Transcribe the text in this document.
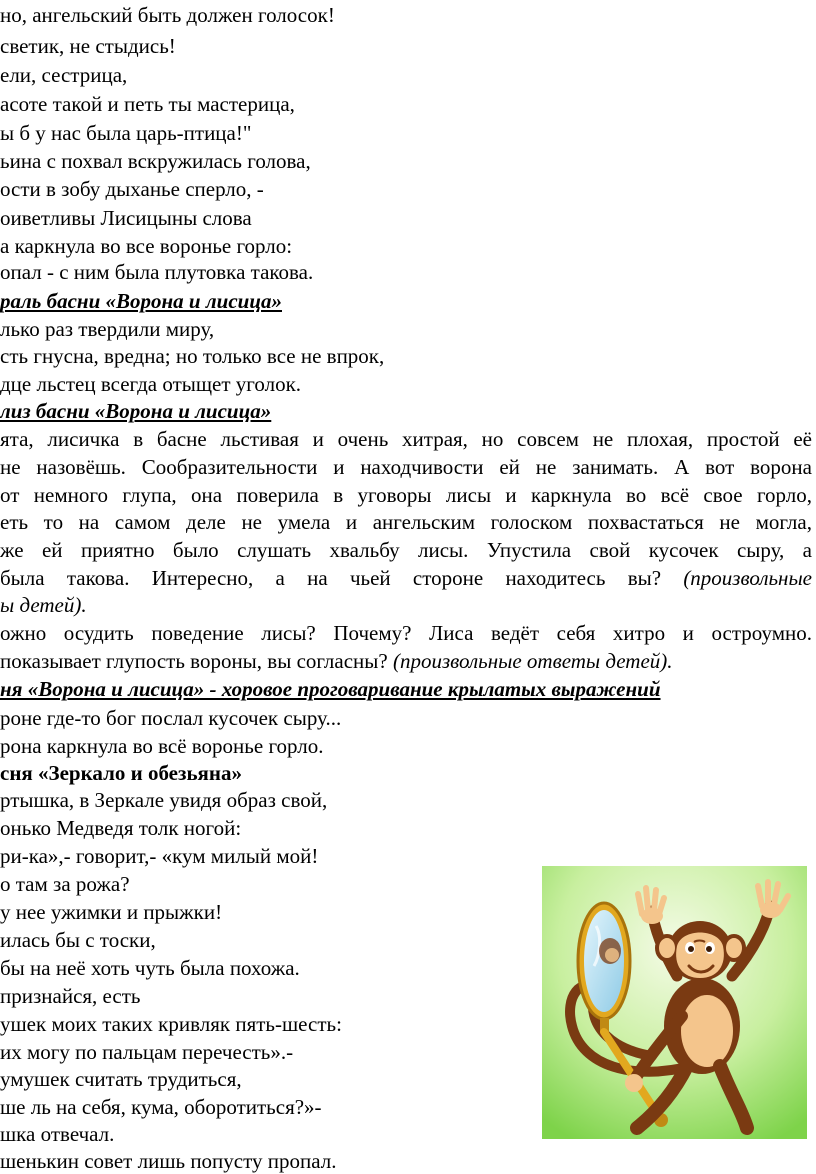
но, ангельский быть должен голосок!
светик, не стыдись!
ели, сестрица,
асоте такой и петь ты мастерица,
ы б у нас была царь-птица!"
ьина с похвал вскружилась голова,
ости в зобу дыханье сперло, -
оиветливы Лисицыны слова
а каркнула во все воронье горло:
опал - с ним была плутовка такова.
раль басни «Ворона и лисица»
лько раз твердили миру,
сть гнусна, вредна; но только все не впрок,
дце льстец всегда отыщет уголок.
лиз басни «Ворона и лисица»
ята, лисичка в басне льстивая и очень хитрая, но совсем не плохая, простой её
не назовёшь. Сообразительности и находчивости ей не занимать. А вот ворона
от немного глупа, она поверила в уговоры лисы и каркнула во всё свое горло,
еть то на самом деле не умела и ангельским голоском похвастаться не могла,
же ей приятно было слушать хвальбу лисы. Упустила свой кусочек сыру, а
была такова. Интересно, а на чьей стороне находитесь вы? (произвольные
ы детей).
ожно осудить поведение лисы? Почему? Лиса ведёт себя хитро и остроумно.
показывает глупость вороны, вы согласны? (произвольные ответы детей).
ня «Ворона и лисица» - хоровое проговаривание крылатых выражений
роне где-то бог послал кусочек сыру...
рона каркнула во всё воронье горло.
сня «Зеркало и обезьяна»
ртышка, в Зеркале увидя образ свой,
онько Медведя толк ногой:
ри-ка»,- говорит,- «кум милый мой!
о там за рожа?
у нее ужимки и прыжки!
илась бы с тоски,
бы на неё хоть чуть была похожа.
признайся, есть
ушек моих таких кривляк пять-шесть:
их могу по пальцам перечесть».-
умушек считать трудиться,
ше ль на себя, кума, оборотиться?»-
шка отвечал.
шенькин совет лишь попусту пропал.
